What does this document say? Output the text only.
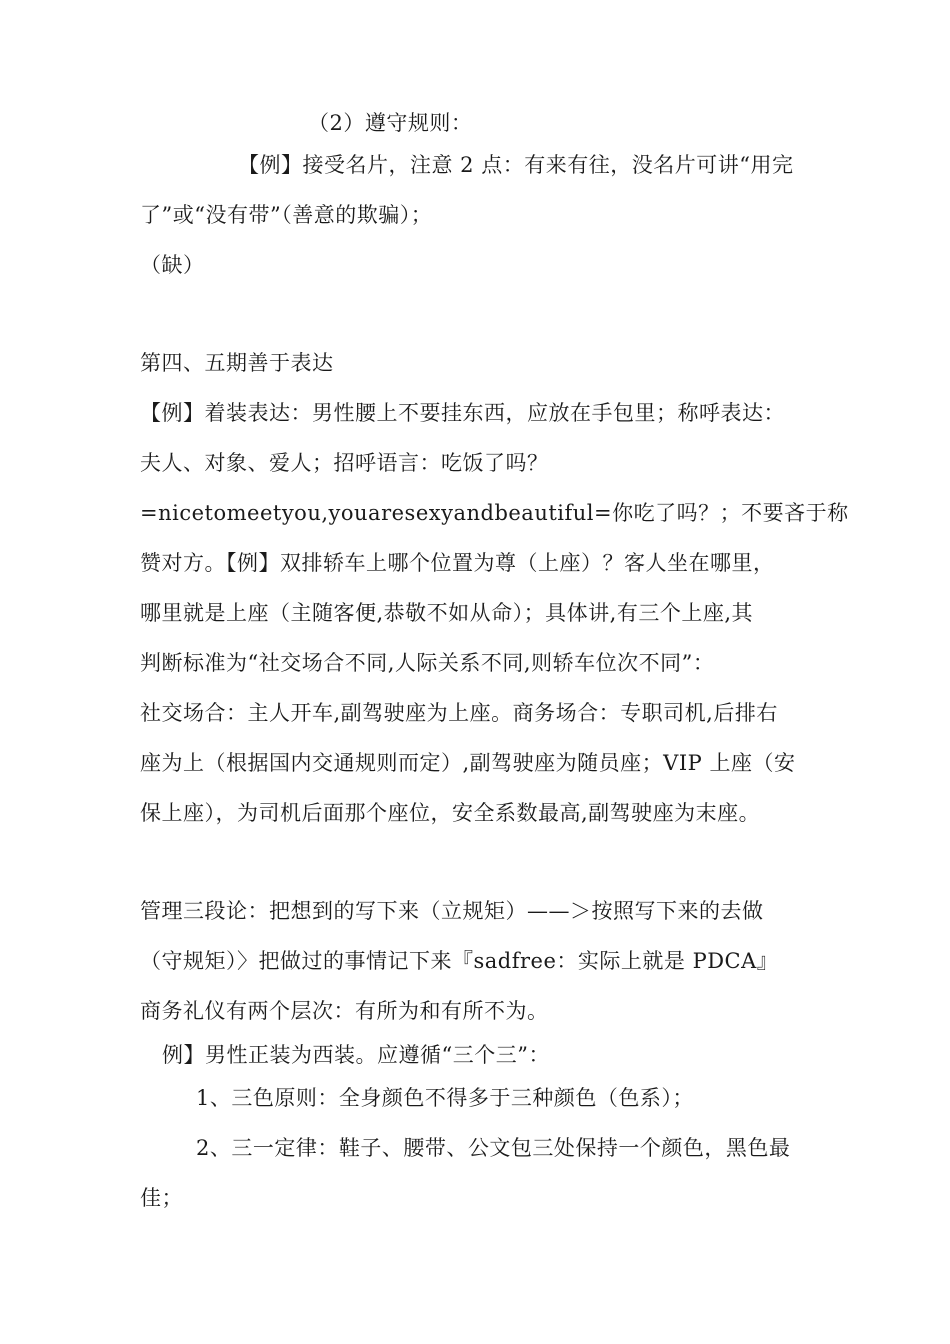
（2）遵守规则：
【例】接受名片，注意 2 点：有来有往，没名片可讲“用完
了”或“没有带”（善意的欺骗）；
（缺）
第四、五期善于表达
【例】着装表达：男性腰上不要挂东西，应放在手包里；称呼表达：
夫人、对象、爱人；招呼语言：吃饭了吗？
=nicetomeetyou,youaresexyandbeautiful=你吃了吗？；不要吝于称
赞对方。【例】双排轿车上哪个位置为尊（上座）？客人坐在哪里，
哪里就是上座（主随客便,恭敬不如从命）；具体讲,有三个上座,其
判断标准为“社交场合不同,人际关系不同,则轿车位次不同”：
社交场合：主人开车,副驾驶座为上座。商务场合：专职司机,后排右
座为上（根据国内交通规则而定）,副驾驶座为随员座；VIP 上座（安
保上座），为司机后面那个座位，安全系数最高,副驾驶座为末座。
管理三段论：把想到的写下来（立规矩）——＞按照写下来的去做
（守规矩）〉把做过的事情记下来『sadfree：实际上就是 PDCA』
商务礼仪有两个层次：有所为和有所不为。
例】男性正装为西装。应遵循“三个三”：
1、三色原则：全身颜色不得多于三种颜色（色系）；
2、三一定律：鞋子、腰带、公文包三处保持一个颜色，黑色最
佳；
